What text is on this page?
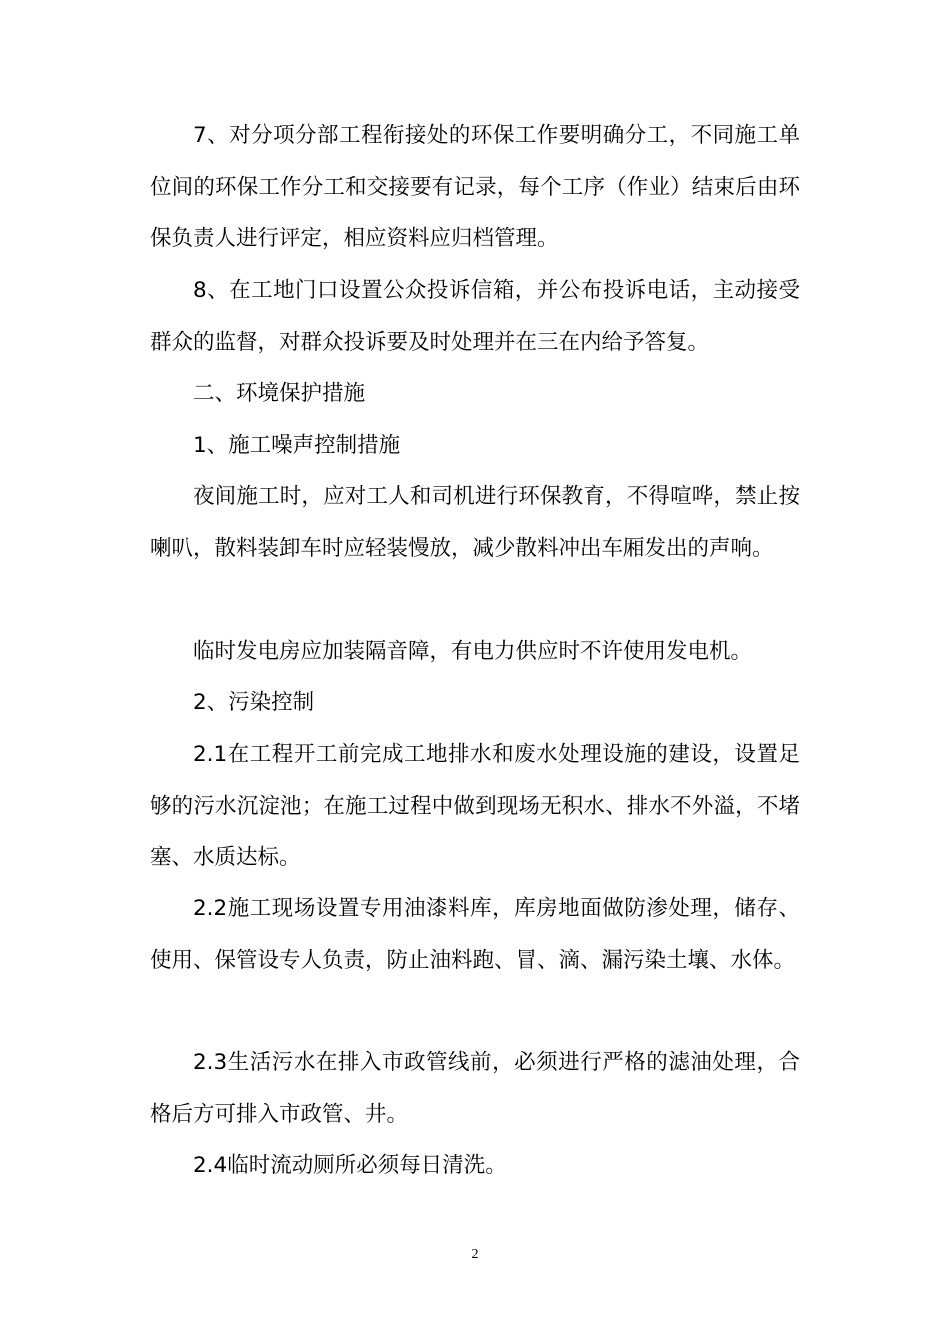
7、对分项分部工程衔接处的环保工作要明确分工，不同施工单位间的环保工作分工和交接要有记录，每个工序（作业）结束后由环保负责人进行评定，相应资料应归档管理。

8、在工地门口设置公众投诉信箱，并公布投诉电话，主动接受群众的监督，对群众投诉要及时处理并在三在内给予答复。

二、环境保护措施

1、施工噪声控制措施

夜间施工时，应对工人和司机进行环保教育，不得喧哗，禁止按喇叭，散料装卸车时应轻装慢放，减少散料冲出车厢发出的声响。

临时发电房应加装隔音障，有电力供应时不许使用发电机。

2、污染控制

2.1在工程开工前完成工地排水和废水处理设施的建设，设置足够的污水沉淀池；在施工过程中做到现场无积水、排水不外溢，不堵塞、水质达标。

2.2施工现场设置专用油漆料库，库房地面做防渗处理，储存、使用、保管设专人负责，防止油料跑、冒、滴、漏污染土壤、水体。

2.3生活污水在排入市政管线前，必须进行严格的滤油处理，合格后方可排入市政管、井。

2.4临时流动厕所必须每日清洗。

2
